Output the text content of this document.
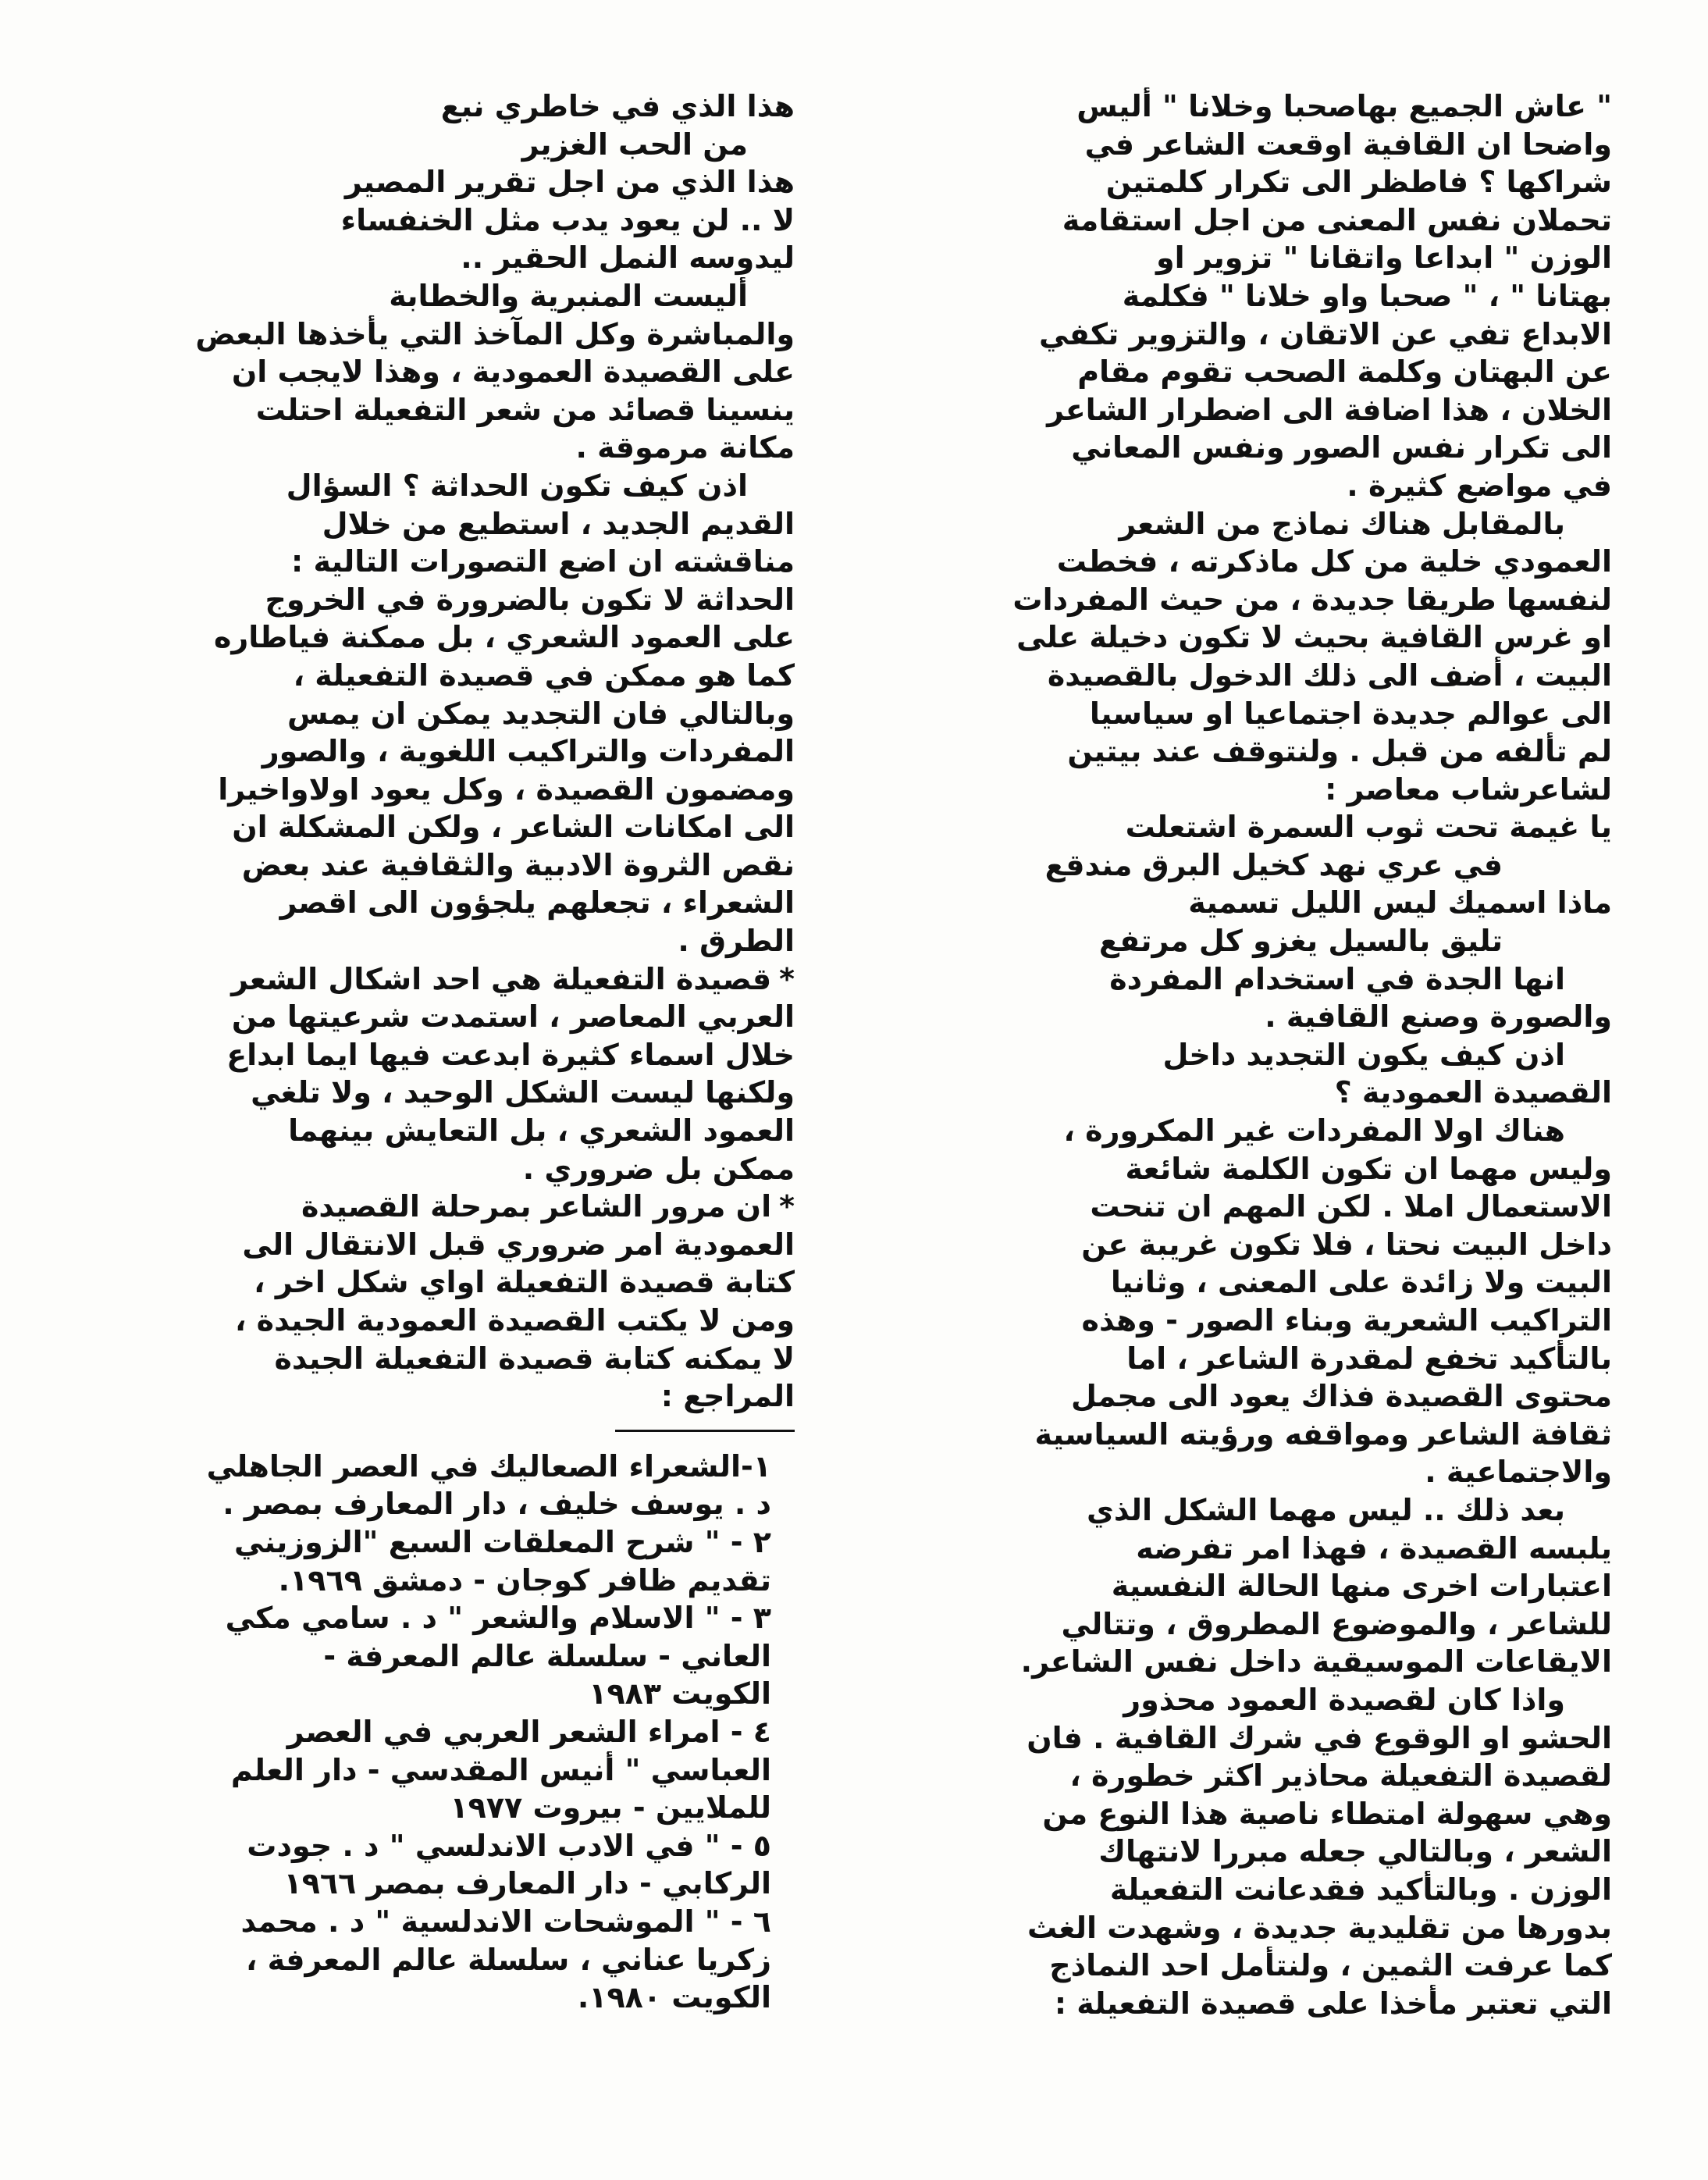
" عاش الجميع بهاصحبا وخلانا " أليس
واضحا ان القافية اوقعت الشاعر في
شراكها ؟ فاطظر الى تكرار كلمتين
تحملان نفس المعنى من اجل استقامة
الوزن " ابداعا واتقانا " تزوير او
بهتانا " ، " صحبا واو خلانا " فكلمة
الابداع تفي عن الاتقان ، والتزوير تكفي
عن البهتان وكلمة الصحب تقوم مقام
الخلان ، هذا اضافة الى اضطرار الشاعر
الى تكرار نفس الصور ونفس المعاني
في مواضع كثيرة .
بالمقابل هناك نماذج من الشعر
العمودي خلية من كل ماذكرته ، فخطت
لنفسها طريقا جديدة ، من حيث المفردات
او غرس القافية بحيث لا تكون دخيلة على
البيت ، أضف الى ذلك الدخول بالقصيدة
الى عوالم جديدة اجتماعيا او سياسيا
لم تألفه من قبل . ولنتوقف عند بيتين
لشاعرشاب معاصر :
يا غيمة تحت ثوب السمرة اشتعلت
في عري نهد كخيل البرق مندقع
ماذا اسميك ليس الليل تسمية
تليق بالسيل يغزو كل مرتفع
انها الجدة في استخدام المفردة
والصورة وصنع القافية .
اذن كيف يكون التجديد داخل
القصيدة العمودية ؟
هناك اولا المفردات غير المكرورة ،
وليس مهما ان تكون الكلمة شائعة
الاستعمال املا . لكن المهم ان تنحت
داخل البيت نحتا ، فلا تكون غريبة عن
البيت ولا زائدة على المعنى ، وثانيا
التراكيب الشعرية وبناء الصور - وهذه
بالتأكيد تخفع لمقدرة الشاعر ، اما
محتوى القصيدة فذاك يعود الى مجمل
ثقافة الشاعر ومواقفه ورؤيته السياسية
والاجتماعية .
بعد ذلك .. ليس مهما الشكل الذي
يلبسه القصيدة ، فهذا امر تفرضه
اعتبارات اخرى منها الحالة النفسية
للشاعر ، والموضوع المطروق ، وتتالي
الايقاعات الموسيقية داخل نفس الشاعر.
واذا كان لقصيدة العمود محذور
الحشو او الوقوع في شرك القافية . فان
لقصيدة التفعيلة محاذير اكثر خطورة ،
وهي سهولة امتطاء ناصية هذا النوع من
الشعر ، وبالتالي جعله مبررا لانتهاك
الوزن . وبالتأكيد فقدعانت التفعيلة
بدورها من تقليدية جديدة ، وشهدت الغث
كما عرفت الثمين ، ولنتأمل احد النماذج
التي تعتبر مأخذا على قصيدة التفعيلة :
هذا الذي في خاطري نبع
من الحب الغزير
هذا الذي من اجل تقرير المصير
لا .. لن يعود يدب مثل الخنفساء
ليدوسه النمل الحقير ..
أليست المنبرية والخطابة
والمباشرة وكل المآخذ التي يأخذها البعض
على القصيدة العمودية ، وهذا لايجب ان
ينسينا قصائد من شعر التفعيلة احتلت
مكانة مرموقة .
اذن كيف تكون الحداثة ؟ السؤال
القديم الجديد ، استطيع من خلال
مناقشته ان اضع التصورات التالية :
الحداثة لا تكون بالضرورة في الخروج
على العمود الشعري ، بل ممكنة فياطاره
كما هو ممكن في قصيدة التفعيلة ،
وبالتالي فان التجديد يمكن ان يمس
المفردات والتراكيب اللغوية ، والصور
ومضمون القصيدة ، وكل يعود اولاواخيرا
الى امكانات الشاعر ، ولكن المشكلة ان
نقص الثروة الادبية والثقافية عند بعض
الشعراء ، تجعلهم يلجؤون الى اقصر
الطرق .
*قصيدة التفعيلة هي احد اشكال الشعر
العربي المعاصر ، استمدت شرعيتها من
خلال اسماء كثيرة ابدعت فيها ايما ابداع
ولكنها ليست الشكل الوحيد ، ولا تلغي
العمود الشعري ، بل التعايش بينهما
ممكن بل ضروري .
*ان مرور الشاعر بمرحلة القصيدة
العمودية امر ضروري قبل الانتقال الى
كتابة قصيدة التفعيلة اواي شكل اخر ،
ومن لا يكتب القصيدة العمودية الجيدة ،
لا يمكنه كتابة قصيدة التفعيلة الجيدة
المراجع :
١-الشعراء الصعاليك في العصر الجاهلي
د . يوسف خليف ، دار المعارف بمصر .
٢ - " شرح المعلقات السبع "الزوزيني
تقديم ظافر كوجان - دمشق ١٩٦٩.
٣ - " الاسلام والشعر " د . سامي مكي
العاني - سلسلة عالم المعرفة -
الكويت ١٩٨٣
٤ - امراء الشعر العربي في العصر
العباسي " أنيس المقدسي - دار العلم
للملايين - بيروت ١٩٧٧
٥ - " في الادب الاندلسي " د . جودت
الركابي - دار المعارف بمصر ١٩٦٦
٦ - " الموشحات الاندلسية " د . محمد
زكريا عناني ، سلسلة عالم المعرفة ،
الكويت ١٩٨٠.
